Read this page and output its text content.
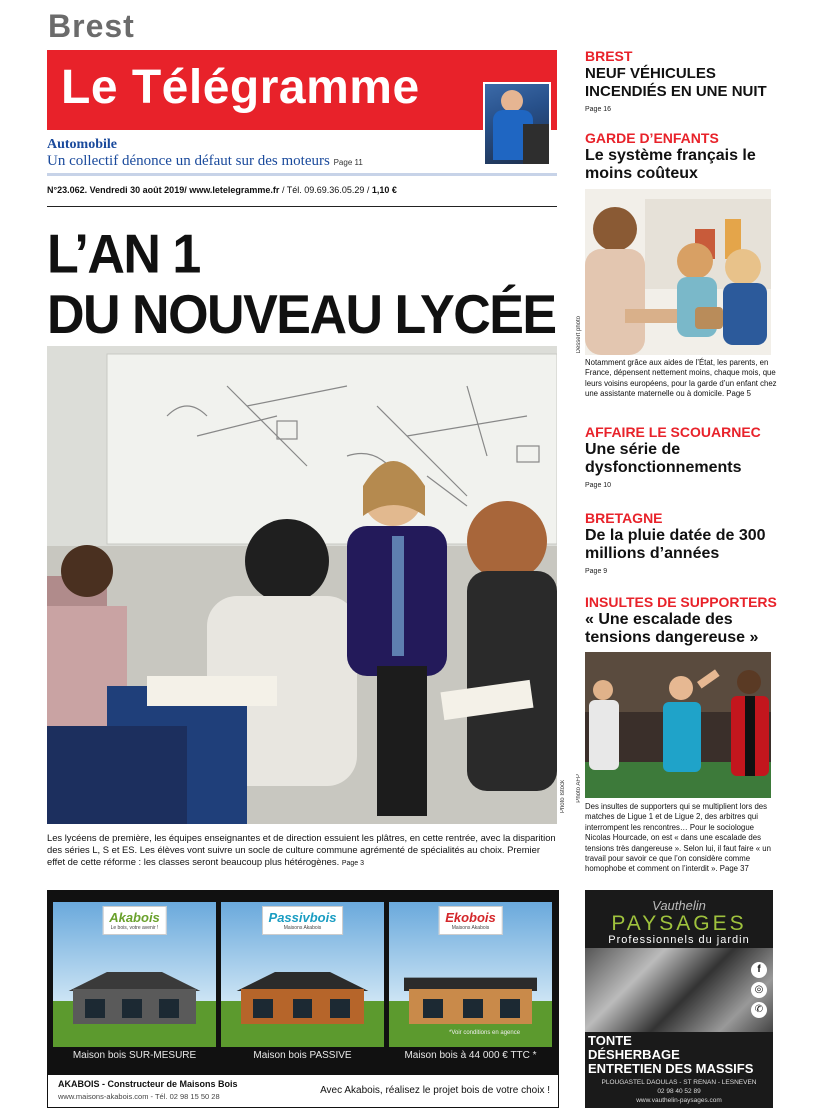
Brest
Le Télégramme
Automobile
Un collectif dénonce un défaut sur des moteurs Page 11
N°23.062. Vendredi 30 août 2019/ www.letelegramme.fr / Tél. 09.69.36.05.29 / 1,10 €
L’AN 1
DU NOUVEAU LYCÉE
Photo Istock
Les lycéens de première, les équipes enseignantes et de direction essuient les plâtres, en cette rentrée, avec la disparition des séries L, S et ES. Les élèves vont suivre un socle de culture commune agrémenté de spécialités au choix. Premier effet de cette réforme : les classes seront beaucoup plus hétérogènes. Page 3
Akabois
Le bois, votre avenir !
Passivbois
Maisons Akabois
Ekobois
Maisons Akabois
*Voir conditions en agence
Maison bois SUR-MESURE	Maison bois PASSIVE	Maison bois à 44 000 € TTC *
AKABOIS - Constructeur de Maisons Bois
www.maisons-akabois.com - Tél. 02 98 15 50 28
Avec Akabois, réalisez le projet bois de votre choix !
BREST
NEUF VÉHICULES INCENDIÉS EN UNE NUIT
Page 16
GARDE D’ENFANTS
Le système français le moins coûteux
Dessert photo
Notamment grâce aux aides de l’État, les parents, en France, dépensent nettement moins, chaque mois, que leurs voisins européens, pour la garde d’un enfant chez une assistante maternelle ou à domicile. Page 5
AFFAIRE LE SCOUARNEC
Une série de dysfonctionnements
Page 10
BRETAGNE
De la pluie datée de 300 millions d’années
Page 9
INSULTES DE SUPPORTERS
« Une escalade des tensions dangereuse »
Photo AFP
Des insultes de supporters qui se multiplient lors des matches de Ligue 1 et de Ligue 2, des arbitres qui interrompent les rencontres… Pour le sociologue Nicolas Hourcade, on est « dans une escalade des tensions très dangereuse ». Selon lui, il faut faire « un travail pour savoir ce que l’on considère comme homophobe et comment on l’interdit ». Page 37
Vauthelin
PAYSAGES
Professionnels du jardin
f
◎
✆
TONTE
DÉSHERBAGE
ENTRETIEN DES MASSIFS
PLOUGASTEL DAOULAS - ST RENAN - LESNEVEN
02 98 40 52 89
www.vauthelin-paysages.com
